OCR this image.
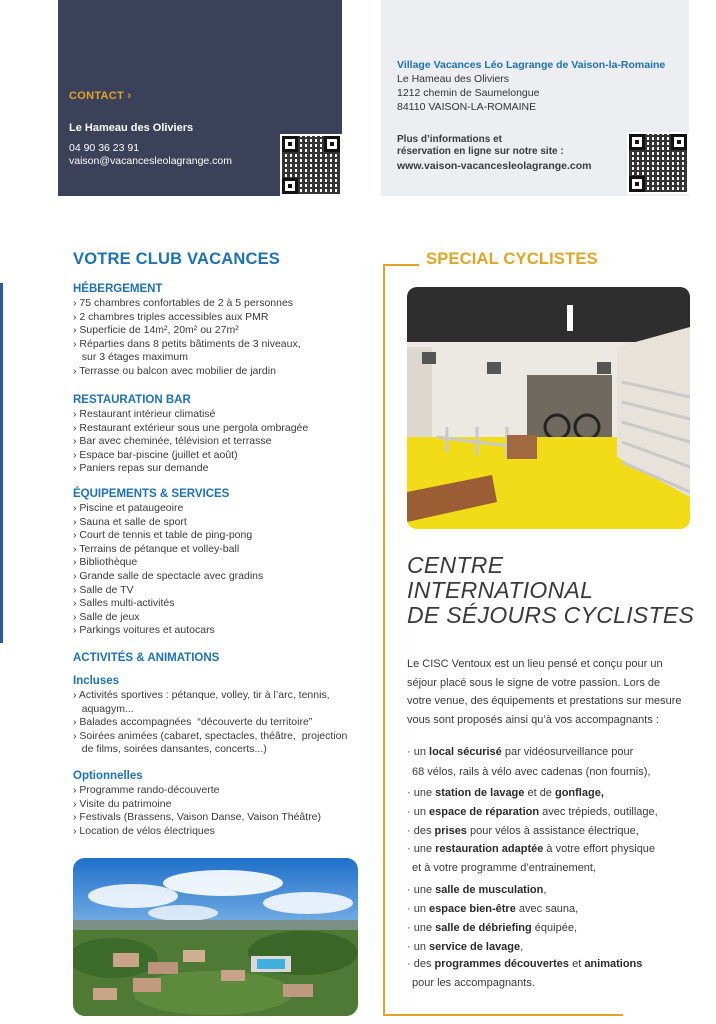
CONTACT ›
Le Hameau des Oliviers
04 90 36 23 91
vaison@vacancesleolagrange.com
Village Vacances Léo Lagrange de Vaison-la-Romaine
Le Hameau des Oliviers
1212 chemin de Saumelongue
84110 VAISON-LA-ROMAINE
Plus d’informations et
réservation en ligne sur notre site :
www.vaison-vacancesleolagrange.com
VOTRE CLUB VACANCES
HÉBERGEMENT
› 75 chambres confortables de 2 à 5 personnes
› 2 chambres triples accessibles aux PMR
› Superficie de 14m², 20m² ou 27m²
› Réparties dans 8 petits bâtiments de 3 niveaux,
sur 3 étages maximum
› Terrasse ou balcon avec mobilier de jardin
RESTAURATION BAR
› Restaurant intérieur climatisé
› Restaurant extérieur sous une pergola ombragée
› Bar avec cheminée, télévision et terrasse
› Espace bar-piscine (juillet et août)
› Paniers repas sur demande
ÉQUIPEMENTS & SERVICES
› Piscine et pataugeoire
› Sauna et salle de sport
› Court de tennis et table de ping-pong
› Terrains de pétanque et volley-ball
› Bibliothèque
› Grande salle de spectacle avec gradins
› Salle de TV
› Salles multi-activités
› Salle de jeux
› Parkings voitures et autocars
ACTIVITÉS & ANIMATIONS
Incluses
› Activités sportives : pétanque, volley, tir à l’arc, tennis,
aquagym...
› Balades accompagnées  “découverte du territoire”
› Soirées animées (cabaret, spectacles, théâtre,  projection
de films, soirées dansantes, concerts...)
Optionnelles
› Programme rando-découverte
› Visite du patrimoine
› Festivals (Brassens, Vaison Danse, Vaison Théâtre)
› Location de vélos électriques
SPECIAL CYCLISTES
CENTRE
INTERNATIONAL
DE SÉJOURS CYCLISTES
Le CISC Ventoux est un lieu pensé et conçu pour un séjour placé sous le signe de votre passion. Lors de votre venue, des équipements et prestations sur mesure vous sont proposés ainsi qu’à vos accompagnants :
· un local sécurisé par vidéosurveillance pour
68 vélos, rails à vélo avec cadenas (non fournis),
· une station de lavage et de gonflage,
· un espace de réparation avec trépieds, outillage,
· des prises pour vélos à assistance électrique,
· une restauration adaptée à votre effort physique
et à votre programme d’entrainement,
· une salle de musculation,
· un espace bien-être avec sauna,
· une salle de débriefing équipée,
· un service de lavage,
· des programmes découvertes et animations
pour les accompagnants.
